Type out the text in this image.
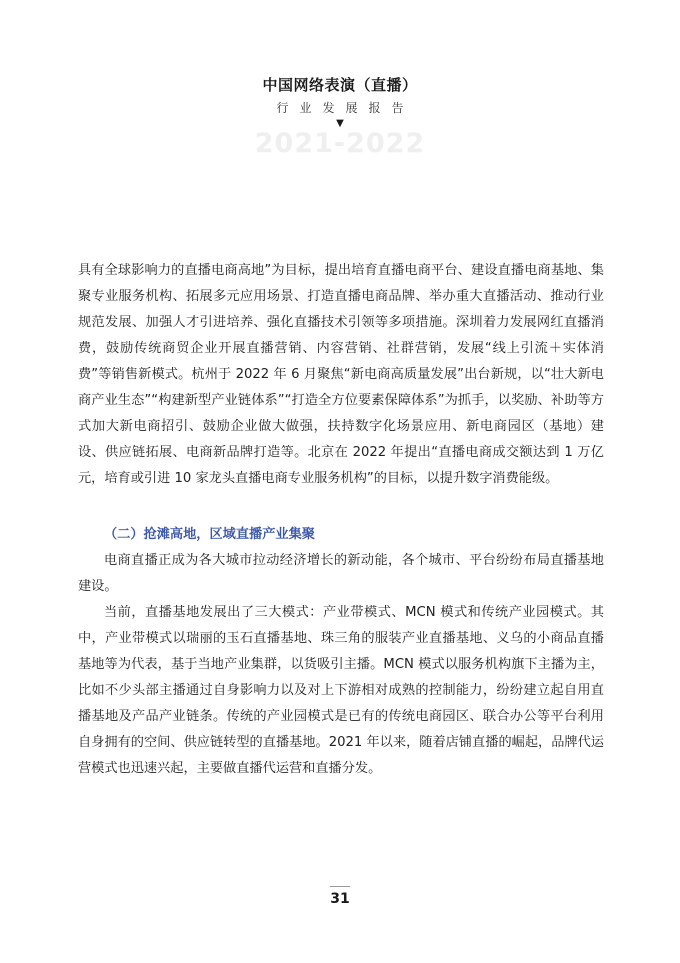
中国网络表演（直播）
行业发展报告
▼
2021-2022

具有全球影响力的直播电商高地”为目标，提出培育直播电商平台、建设直播电商基地、集聚专业服务机构、拓展多元应用场景、打造直播电商品牌、举办重大直播活动、推动行业规范发展、加强人才引进培养、强化直播技术引领等多项措施。深圳着力发展网红直播消费，鼓励传统商贸企业开展直播营销、内容营销、社群营销，发展“线上引流＋实体消费”等销售新模式。杭州于 2022 年 6 月聚焦“新电商高质量发展”出台新规，以“壮大新电商产业生态”“构建新型产业链体系”“打造全方位要素保障体系”为抓手，以奖励、补助等方式加大新电商招引、鼓励企业做大做强，扶持数字化场景应用、新电商园区（基地）建设、供应链拓展、电商新品牌打造等。北京在 2022 年提出“直播电商成交额达到 1 万亿元，培育或引进 10 家龙头直播电商专业服务机构”的目标，以提升数字消费能级。

（二）抢滩高地，区域直播产业集聚

电商直播正成为各大城市拉动经济增长的新动能，各个城市、平台纷纷布局直播基地建设。

当前，直播基地发展出了三大模式：产业带模式、MCN 模式和传统产业园模式。其中，产业带模式以瑞丽的玉石直播基地、珠三角的服装产业直播基地、义乌的小商品直播基地等为代表，基于当地产业集群，以货吸引主播。MCN 模式以服务机构旗下主播为主，比如不少头部主播通过自身影响力以及对上下游相对成熟的控制能力，纷纷建立起自用直播基地及产品产业链条。传统的产业园模式是已有的传统电商园区、联合办公等平台利用自身拥有的空间、供应链转型的直播基地。2021 年以来，随着店铺直播的崛起，品牌代运营模式也迅速兴起，主要做直播代运营和直播分发。

31
